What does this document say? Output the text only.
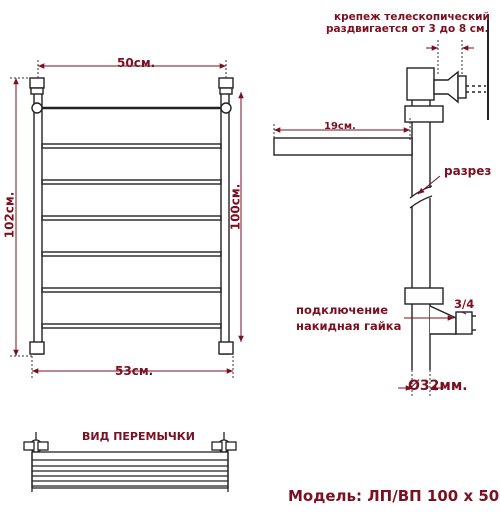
50см.
53см.
102см.	100см.
крепеж телескопический
раздвигается от 3 до 8 см.
19см.
разрез
подключение
накидная гайка
3/4
Ø32мм.
ВИД ПЕРЕМЫЧКИ
Модель: ЛП/ВП 100 x 50
